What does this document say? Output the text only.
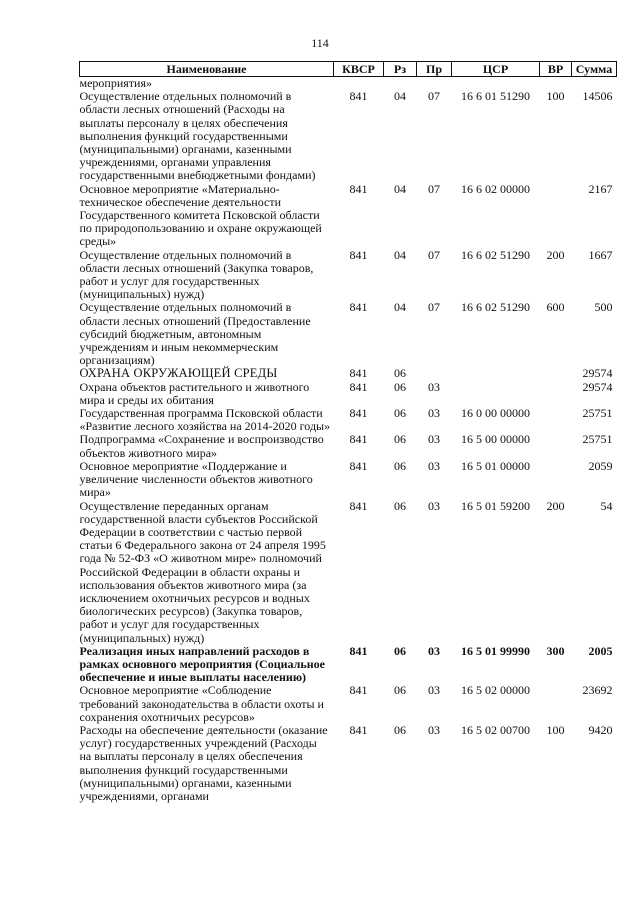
114
Наименование	КВСР	Рз	Пр	ЦСР	ВР	Сумма
мероприятия»						
Осуществление отдельных полномочий в области лесных отношений (Расходы на выплаты персоналу в целях обеспечения выполнения функций государственными (муниципальными) органами, казенными учреждениями, органами управления государственными внебюджетными фондами)	841	04	07	16 6 01 51290	100	14506
Основное мероприятие «Материально-техническое обеспечение деятельности Государственного комитета Псковской области по природопользованию и охране окружающей среды»	841	04	07	16 6 02 00000		2167
Осуществление отдельных полномочий в области лесных отношений (Закупка товаров, работ и услуг для государственных (муниципальных) нужд)	841	04	07	16 6 02 51290	200	1667
Осуществление отдельных полномочий в области лесных отношений (Предоставление субсидий бюджетным, автономным учреждениям и иным некоммерческим организациям)	841	04	07	16 6 02 51290	600	500
ОХРАНА ОКРУЖАЮЩЕЙ СРЕДЫ	841	06				29574
Охрана объектов растительного и животного мира и среды их обитания	841	06	03			29574
Государственная программа Псковской области «Развитие лесного хозяйства на 2014-2020 годы»	841	06	03	16 0 00 00000		25751
Подпрограмма «Сохранение и воспроизводство объектов животного мира»	841	06	03	16 5 00 00000		25751
Основное мероприятие «Поддержание и увеличение численности объектов животного мира»	841	06	03	16 5 01 00000		2059
Осуществление переданных органам государственной власти субъектов Российской Федерации в соответствии с частью первой статьи 6 Федерального закона от 24 апреля 1995 года № 52-ФЗ «О животном мире» полномочий Российской Федерации в области охраны и использования объектов животного мира (за исключением охотничьих ресурсов и водных биологических ресурсов) (Закупка товаров, работ и услуг для государственных (муниципальных) нужд)	841	06	03	16 5 01 59200	200	54
Реализация иных направлений расходов в рамках основного мероприятия (Социальное обеспечение и иные выплаты населению)	841	06	03	16 5 01 99990	300	2005
Основное мероприятие «Соблюдение требований законодательства в области охоты и сохранения охотничьих ресурсов»	841	06	03	16 5 02 00000		23692
Расходы на обеспечение деятельности (оказание услуг) государственных учреждений (Расходы на выплаты персоналу в целях обеспечения выполнения функций государственными (муниципальными) органами, казенными учреждениями, органами	841	06	03	16 5 02 00700	100	9420
